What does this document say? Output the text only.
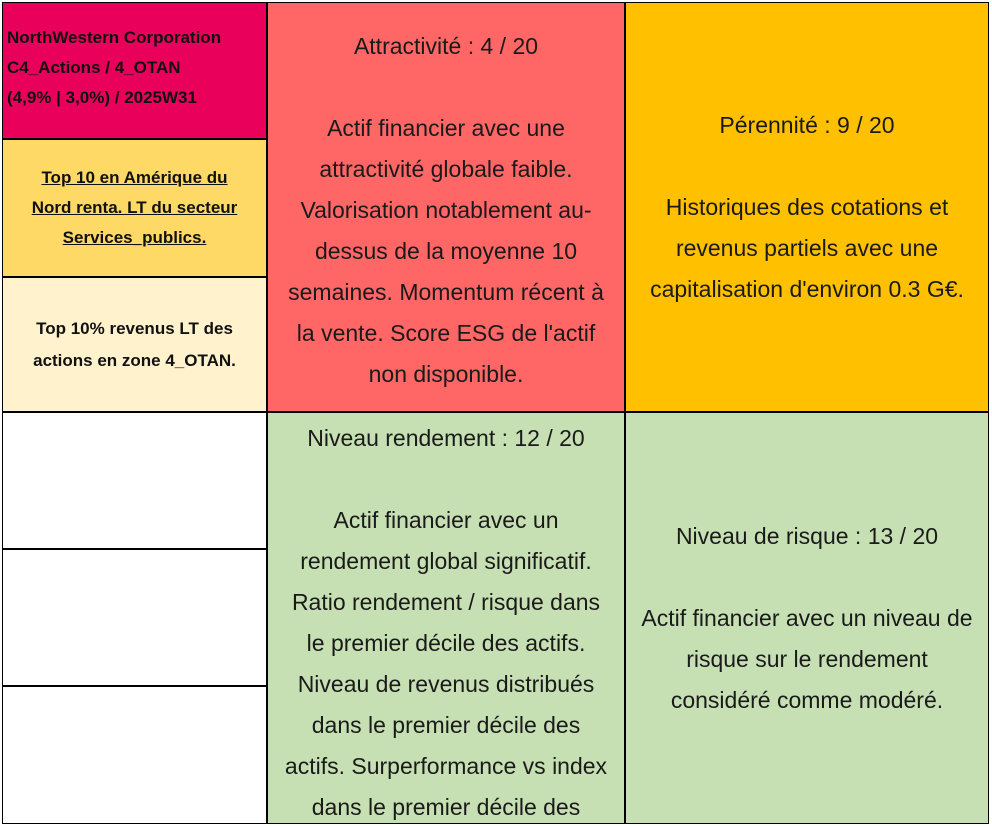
NorthWestern Corporation
C4_Actions / 4_OTAN
(4,9% | 3,0%) / 2025W31
Top 10 en Amérique du
Nord renta. LT du secteur
Services_publics.
Top 10% revenus LT des
actions en zone 4_OTAN.
Attractivité : 4 / 20
Actif financier avec une
attractivité globale faible.
Valorisation notablement au-
dessus de la moyenne 10
semaines. Momentum récent à
la vente. Score ESG de l'actif
non disponible.
Pérennité : 9 / 20
Historiques des cotations et
revenus partiels avec une
capitalisation d'environ 0.3 G€.
Niveau rendement : 12 / 20
Actif financier avec un
rendement global significatif.
Ratio rendement / risque dans
le premier décile des actifs.
Niveau de revenus distribués
dans le premier décile des
actifs. Surperformance vs index
dans le premier décile des
Niveau de risque : 13 / 20
Actif financier avec un niveau de
risque sur le rendement
considéré comme modéré.
